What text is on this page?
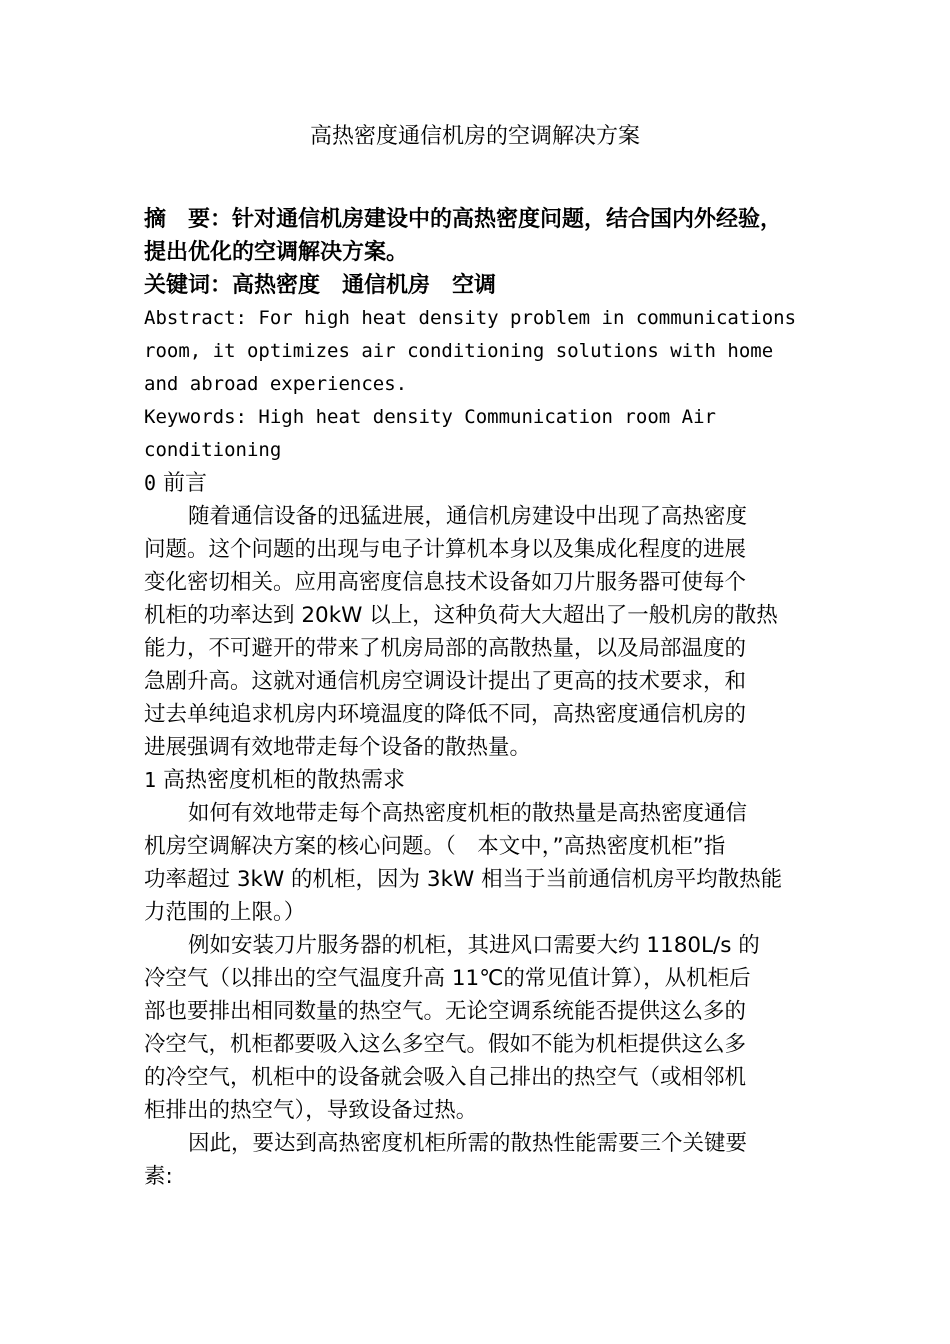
高热密度通信机房的空调解决方案
摘　要：针对通信机房建设中的高热密度问题，结合国内外经验，
提出优化的空调解决方案。
关键词：高热密度　通信机房　空调
Abstract: For high heat density problem in communications
room, it optimizes air conditioning solutions with home
and abroad experiences.
Keywords: High heat density Communication room Air
conditioning
0 前言
随着通信设备的迅猛进展，通信机房建设中出现了高热密度
问题。这个问题的出现与电子计算机本身以及集成化程度的进展
变化密切相关。应用高密度信息技术设备如刀片服务器可使每个
机柜的功率达到 20kW 以上，这种负荷大大超出了一般机房的散热
能力，不可避开的带来了机房局部的高散热量，以及局部温度的
急剧升高。这就对通信机房空调设计提出了更高的技术要求，和
过去单纯追求机房内环境温度的降低不同，高热密度通信机房的
进展强调有效地带走每个设备的散热量。
1 高热密度机柜的散热需求
如何有效地带走每个高热密度机柜的散热量是高热密度通信
机房空调解决方案的核心问题。（　本文中，”高热密度机柜”指
功率超过 3kW 的机柜，因为 3kW 相当于当前通信机房平均散热能
力范围的上限。）
例如安装刀片服务器的机柜，其进风口需要大约 1180L/s 的
冷空气（以排出的空气温度升高 11℃的常见值计算），从机柜后
部也要排出相同数量的热空气。无论空调系统能否提供这么多的
冷空气，机柜都要吸入这么多空气。假如不能为机柜提供这么多
的冷空气，机柜中的设备就会吸入自己排出的热空气（或相邻机
柜排出的热空气），导致设备过热。
因此，要达到高热密度机柜所需的散热性能需要三个关键要
素:
